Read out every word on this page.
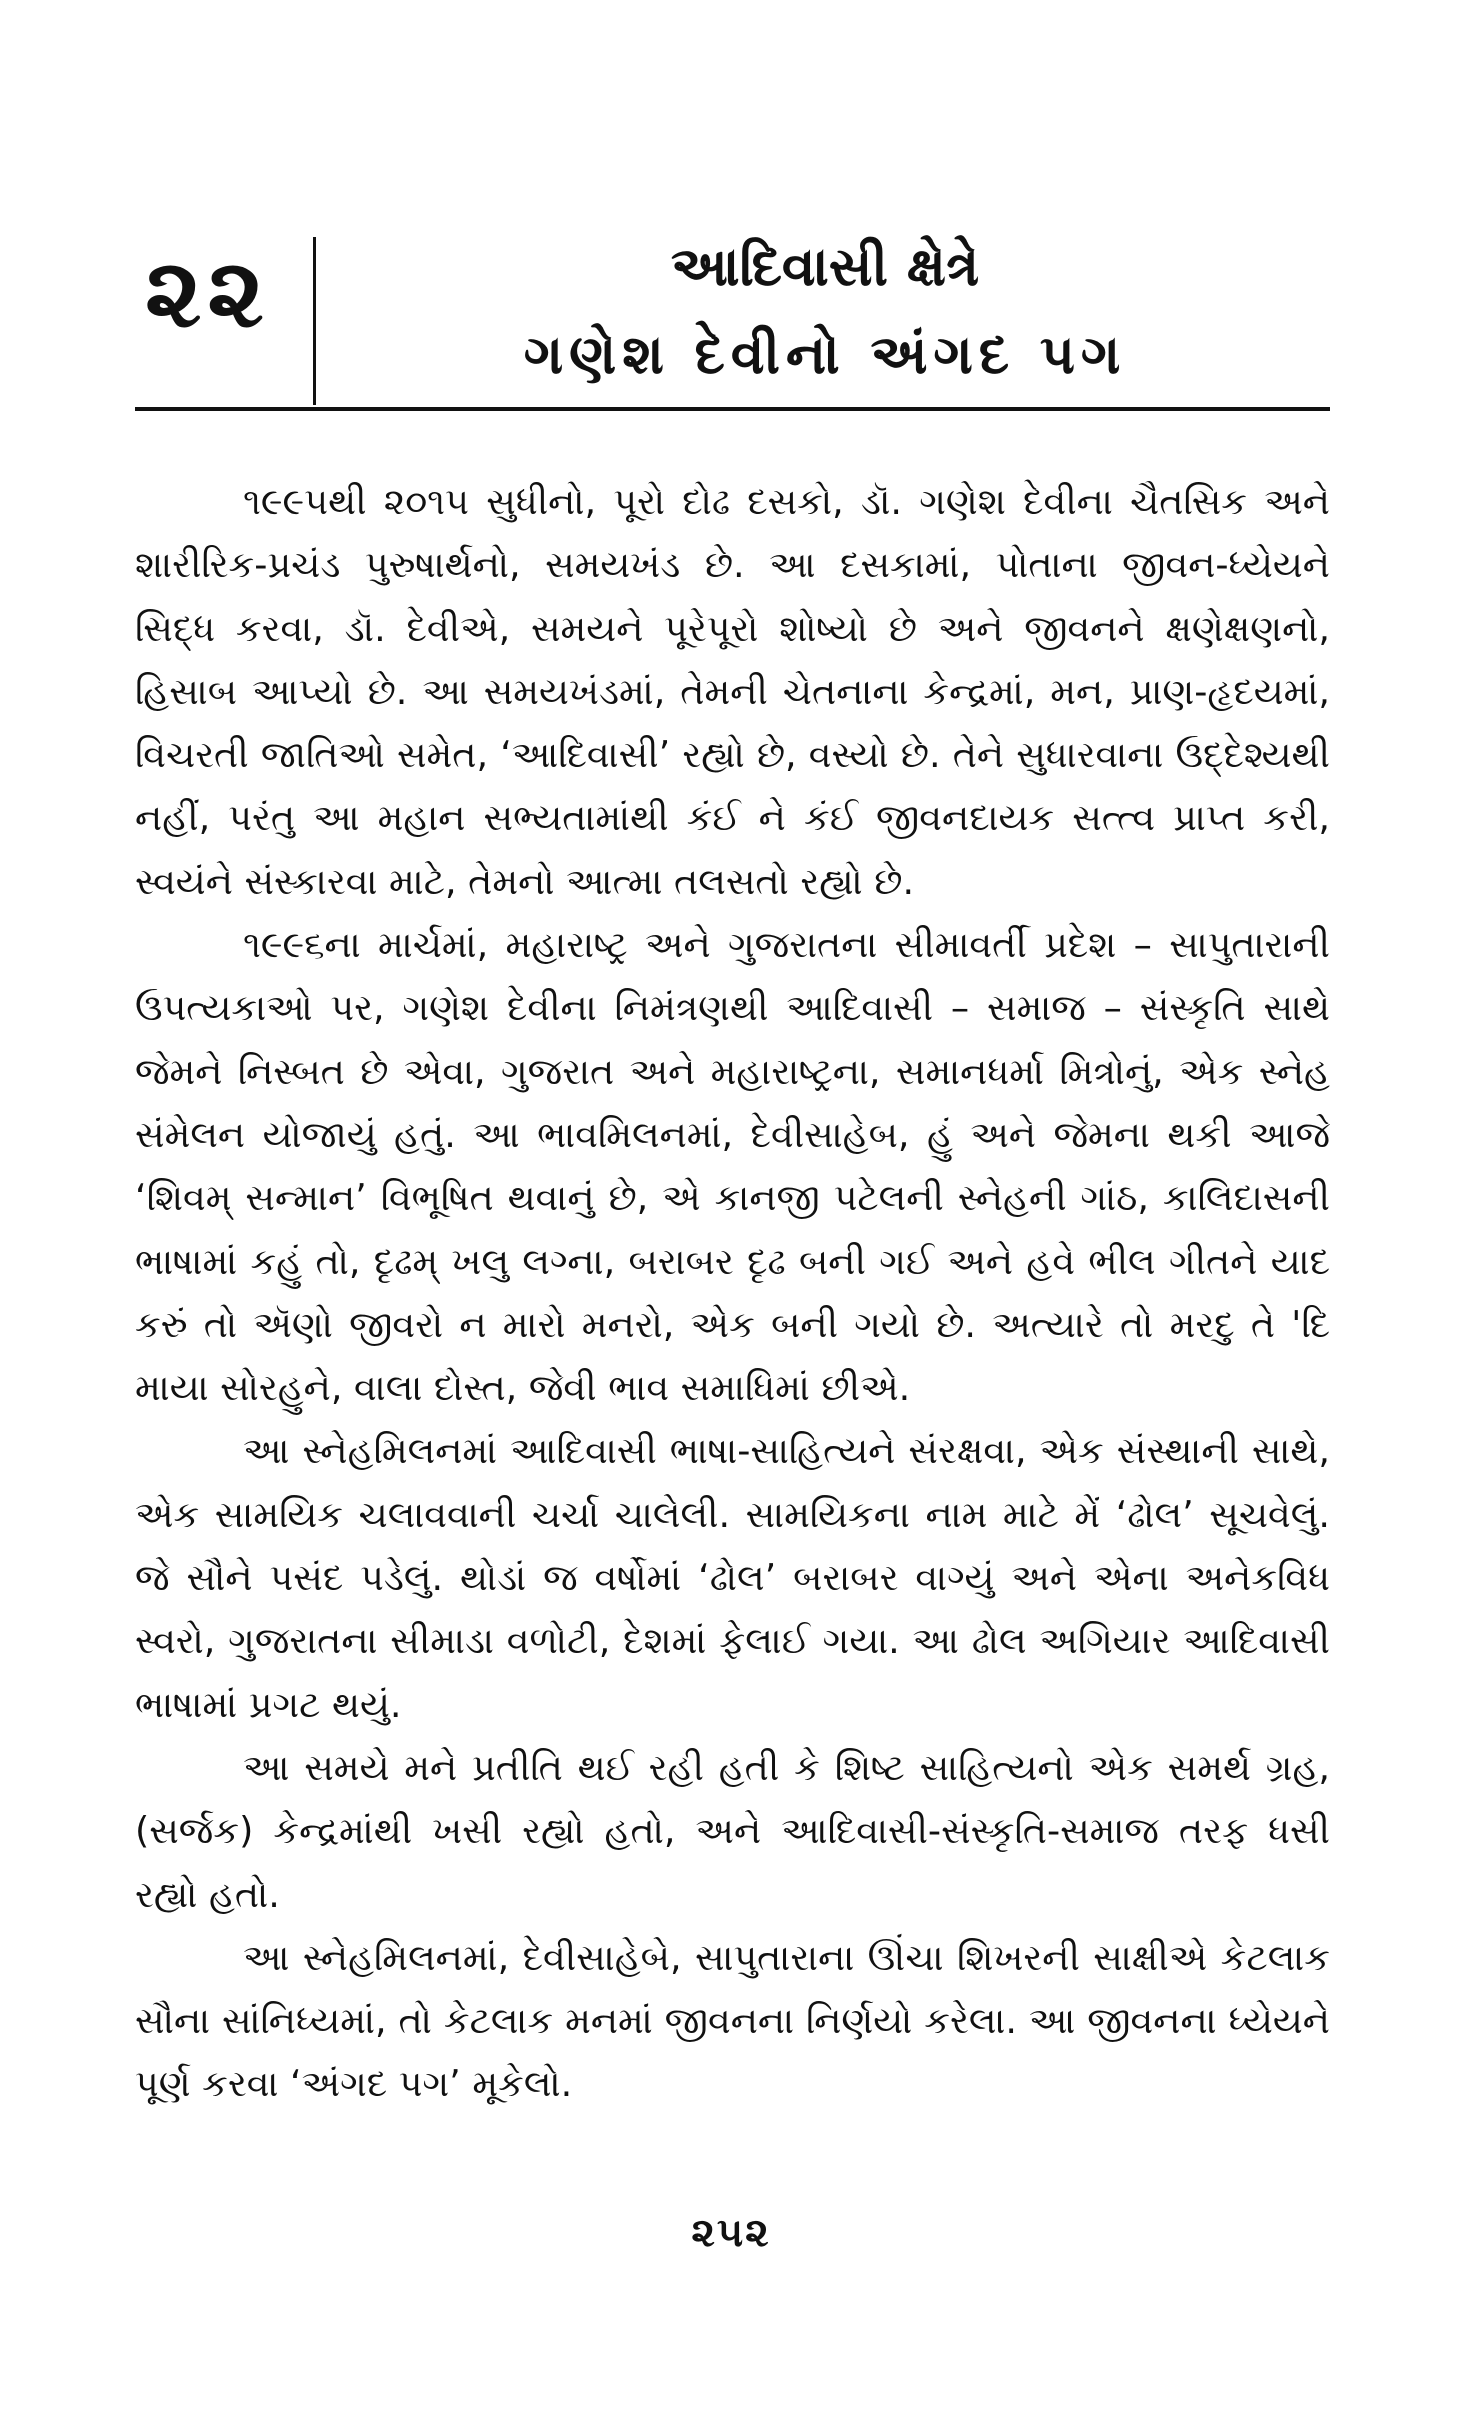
૨૨	આદિવાસી ક્ષેત્રે
ગણેશ દેવીનો અંગદ પગ

૧૯૯૫થી ૨૦૧૫ સુધીનો, પૂરો દોઢ દસકો, ડૉ. ગણેશ દેવીના ચૈતસિક અને શારીરિક-પ્રચંડ પુરુષાર્થનો, સમયખંડ છે. આ દસકામાં, પોતાના જીવન-ધ્યેયને સિદ્ધ કરવા, ડૉ. દેવીએ, સમયને પૂરેપૂરો શોષ્યો છે અને જીવનને ક્ષણેક્ષણનો, હિસાબ આપ્યો છે. આ સમયખંડમાં, તેમની ચેતનાના કેન્દ્રમાં, મન, પ્રાણ-હૃદયમાં, વિચરતી જાતિઓ સમેત, ‘આદિવાસી’ રહ્યો છે, વસ્યો છે. તેને સુધારવાના ઉદ્દેશ્યથી નહીં, પરંતુ આ મહાન સભ્યતામાંથી કંઈ ને કંઈ જીવનદાયક સત્ત્વ પ્રાપ્ત કરી, સ્વયંને સંસ્કારવા માટે, તેમનો આત્મા તલસતો રહ્યો છે.

૧૯૯૬ના માર્ચમાં, મહારાષ્ટ્ર અને ગુજરાતના સીમાવર્તી પ્રદેશ – સાપુતારાની ઉપત્યકાઓ પર, ગણેશ દેવીના નિમંત્રણથી આદિવાસી – સમાજ – સંસ્કૃતિ સાથે જેમને નિસ્બત છે એવા, ગુજરાત અને મહારાષ્ટ્રના, સમાનધર્મા મિત્રોનું, એક સ્નેહ સંમેલન યોજાયું હતું. આ ભાવમિલનમાં, દેવીસાહેબ, હું અને જેમના થકી આજે ‘શિવમ્ સન્માન’ વિભૂષિત થવાનું છે, એ કાનજી પટેલની સ્નેહની ગાંઠ, કાલિદાસની ભાષામાં કહું તો, દૃઢમ્ ખલુ લગ્ના, બરાબર દૃઢ બની ગઈ અને હવે ભીલ ગીતને યાદ કરું તો ઍણો જીવરો ન મારો મનરો, એક બની ગયો છે. અત્યારે તો મરદુ તે 'દિ માયા સોરહુને, વાલા દોસ્ત, જેવી ભાવ સમાધિમાં છીએ.

આ સ્નેહમિલનમાં આદિવાસી ભાષા-સાહિત્યને સંરક્ષવા, એક સંસ્થાની સાથે, એક સામયિક ચલાવવાની ચર્ચા ચાલેલી. સામયિકના નામ માટે મેં ‘ઢોલ’ સૂચવેલું. જે સૌને પસંદ પડેલું. થોડાં જ વર્ષોમાં ‘ઢોલ’ બરાબર વાગ્યું અને એના અનેકવિધ સ્વરો, ગુજરાતના સીમાડા વળોટી, દેશમાં ફેલાઈ ગયા. આ ઢોલ અગિયાર આદિવાસી ભાષામાં પ્રગટ થયું.

આ સમયે મને પ્રતીતિ થઈ રહી હતી કે શિષ્ટ સાહિત્યનો એક સમર્થ ગ્રહ, (સર્જક) કેન્દ્રમાંથી ખસી રહ્યો હતો, અને આદિવાસી-સંસ્કૃતિ-સમાજ તરફ ધસી રહ્યો હતો.

આ સ્નેહમિલનમાં, દેવીસાહેબે, સાપુતારાના ઊંચા શિખરની સાક્ષીએ કેટલાક સૌના સાંનિધ્યમાં, તો કેટલાક મનમાં જીવનના નિર્ણયો કરેલા. આ જીવનના ધ્યેયને પૂર્ણ કરવા ‘અંગદ પગ’ મૂકેલો.

૨૫૨
